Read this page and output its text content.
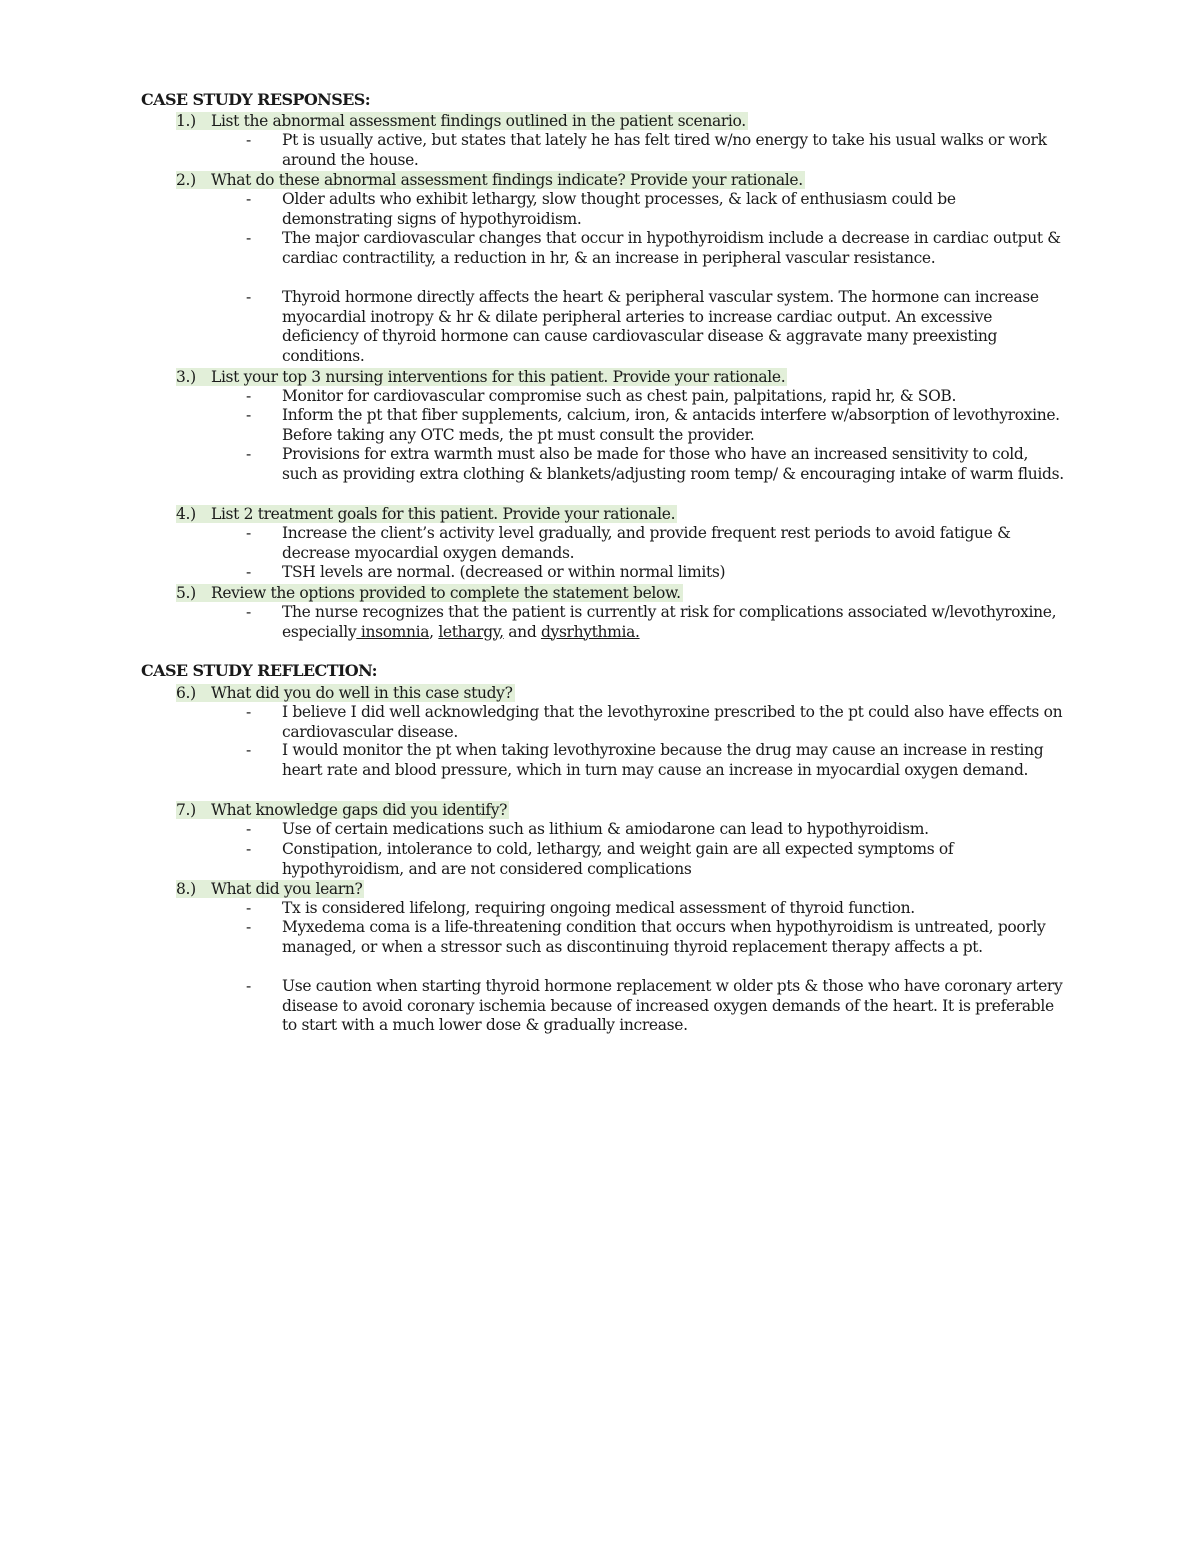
CASE STUDY RESPONSES:
1.) List the abnormal assessment findings outlined in the patient scenario.
-	Pt is usually active, but states that lately he has felt tired w/no energy to take his usual walks or work around the house.
2.) What do these abnormal assessment findings indicate? Provide your rationale.
-	Older adults who exhibit lethargy, slow thought processes, & lack of enthusiasm could be demonstrating signs of hypothyroidism.
-	The major cardiovascular changes that occur in hypothyroidism include a decrease in cardiac output & cardiac contractility, a reduction in hr, & an increase in peripheral vascular resistance.
-	Thyroid hormone directly affects the heart & peripheral vascular system. The hormone can increase myocardial inotropy & hr & dilate peripheral arteries to increase cardiac output. An excessive deficiency of thyroid hormone can cause cardiovascular disease & aggravate many preexisting conditions.
3.) List your top 3 nursing interventions for this patient. Provide your rationale.
-	Monitor for cardiovascular compromise such as chest pain, palpitations, rapid hr, & SOB.
-	Inform the pt that fiber supplements, calcium, iron, & antacids interfere w/absorption of levothyroxine. Before taking any OTC meds, the pt must consult the provider.
-	Provisions for extra warmth must also be made for those who have an increased sensitivity to cold, such as providing extra clothing & blankets/adjusting room temp/ & encouraging intake of warm fluids.
4.) List 2 treatment goals for this patient. Provide your rationale.
-	Increase the client’s activity level gradually, and provide frequent rest periods to avoid fatigue & decrease myocardial oxygen demands.
-	TSH levels are normal. (decreased or within normal limits)
5.) Review the options provided to complete the statement below.
-	The nurse recognizes that the patient is currently at risk for complications associated w/levothyroxine, especially insomnia, lethargy, and dysrhythmia.
CASE STUDY REFLECTION:
6.) What did you do well in this case study?
-	I believe I did well acknowledging that the levothyroxine prescribed to the pt could also have effects on cardiovascular disease.
-	I would monitor the pt when taking levothyroxine because the drug may cause an increase in resting heart rate and blood pressure, which in turn may cause an increase in myocardial oxygen demand.
7.) What knowledge gaps did you identify?
-	Use of certain medications such as lithium & amiodarone can lead to hypothyroidism.
-	Constipation, intolerance to cold, lethargy, and weight gain are all expected symptoms of hypothyroidism, and are not considered complications
8.) What did you learn?
-	Tx is considered lifelong, requiring ongoing medical assessment of thyroid function.
-	Myxedema coma is a life-threatening condition that occurs when hypothyroidism is untreated, poorly managed, or when a stressor such as discontinuing thyroid replacement therapy affects a pt.
-	Use caution when starting thyroid hormone replacement w older pts & those who have coronary artery disease to avoid coronary ischemia because of increased oxygen demands of the heart. It is preferable to start with a much lower dose & gradually increase.
